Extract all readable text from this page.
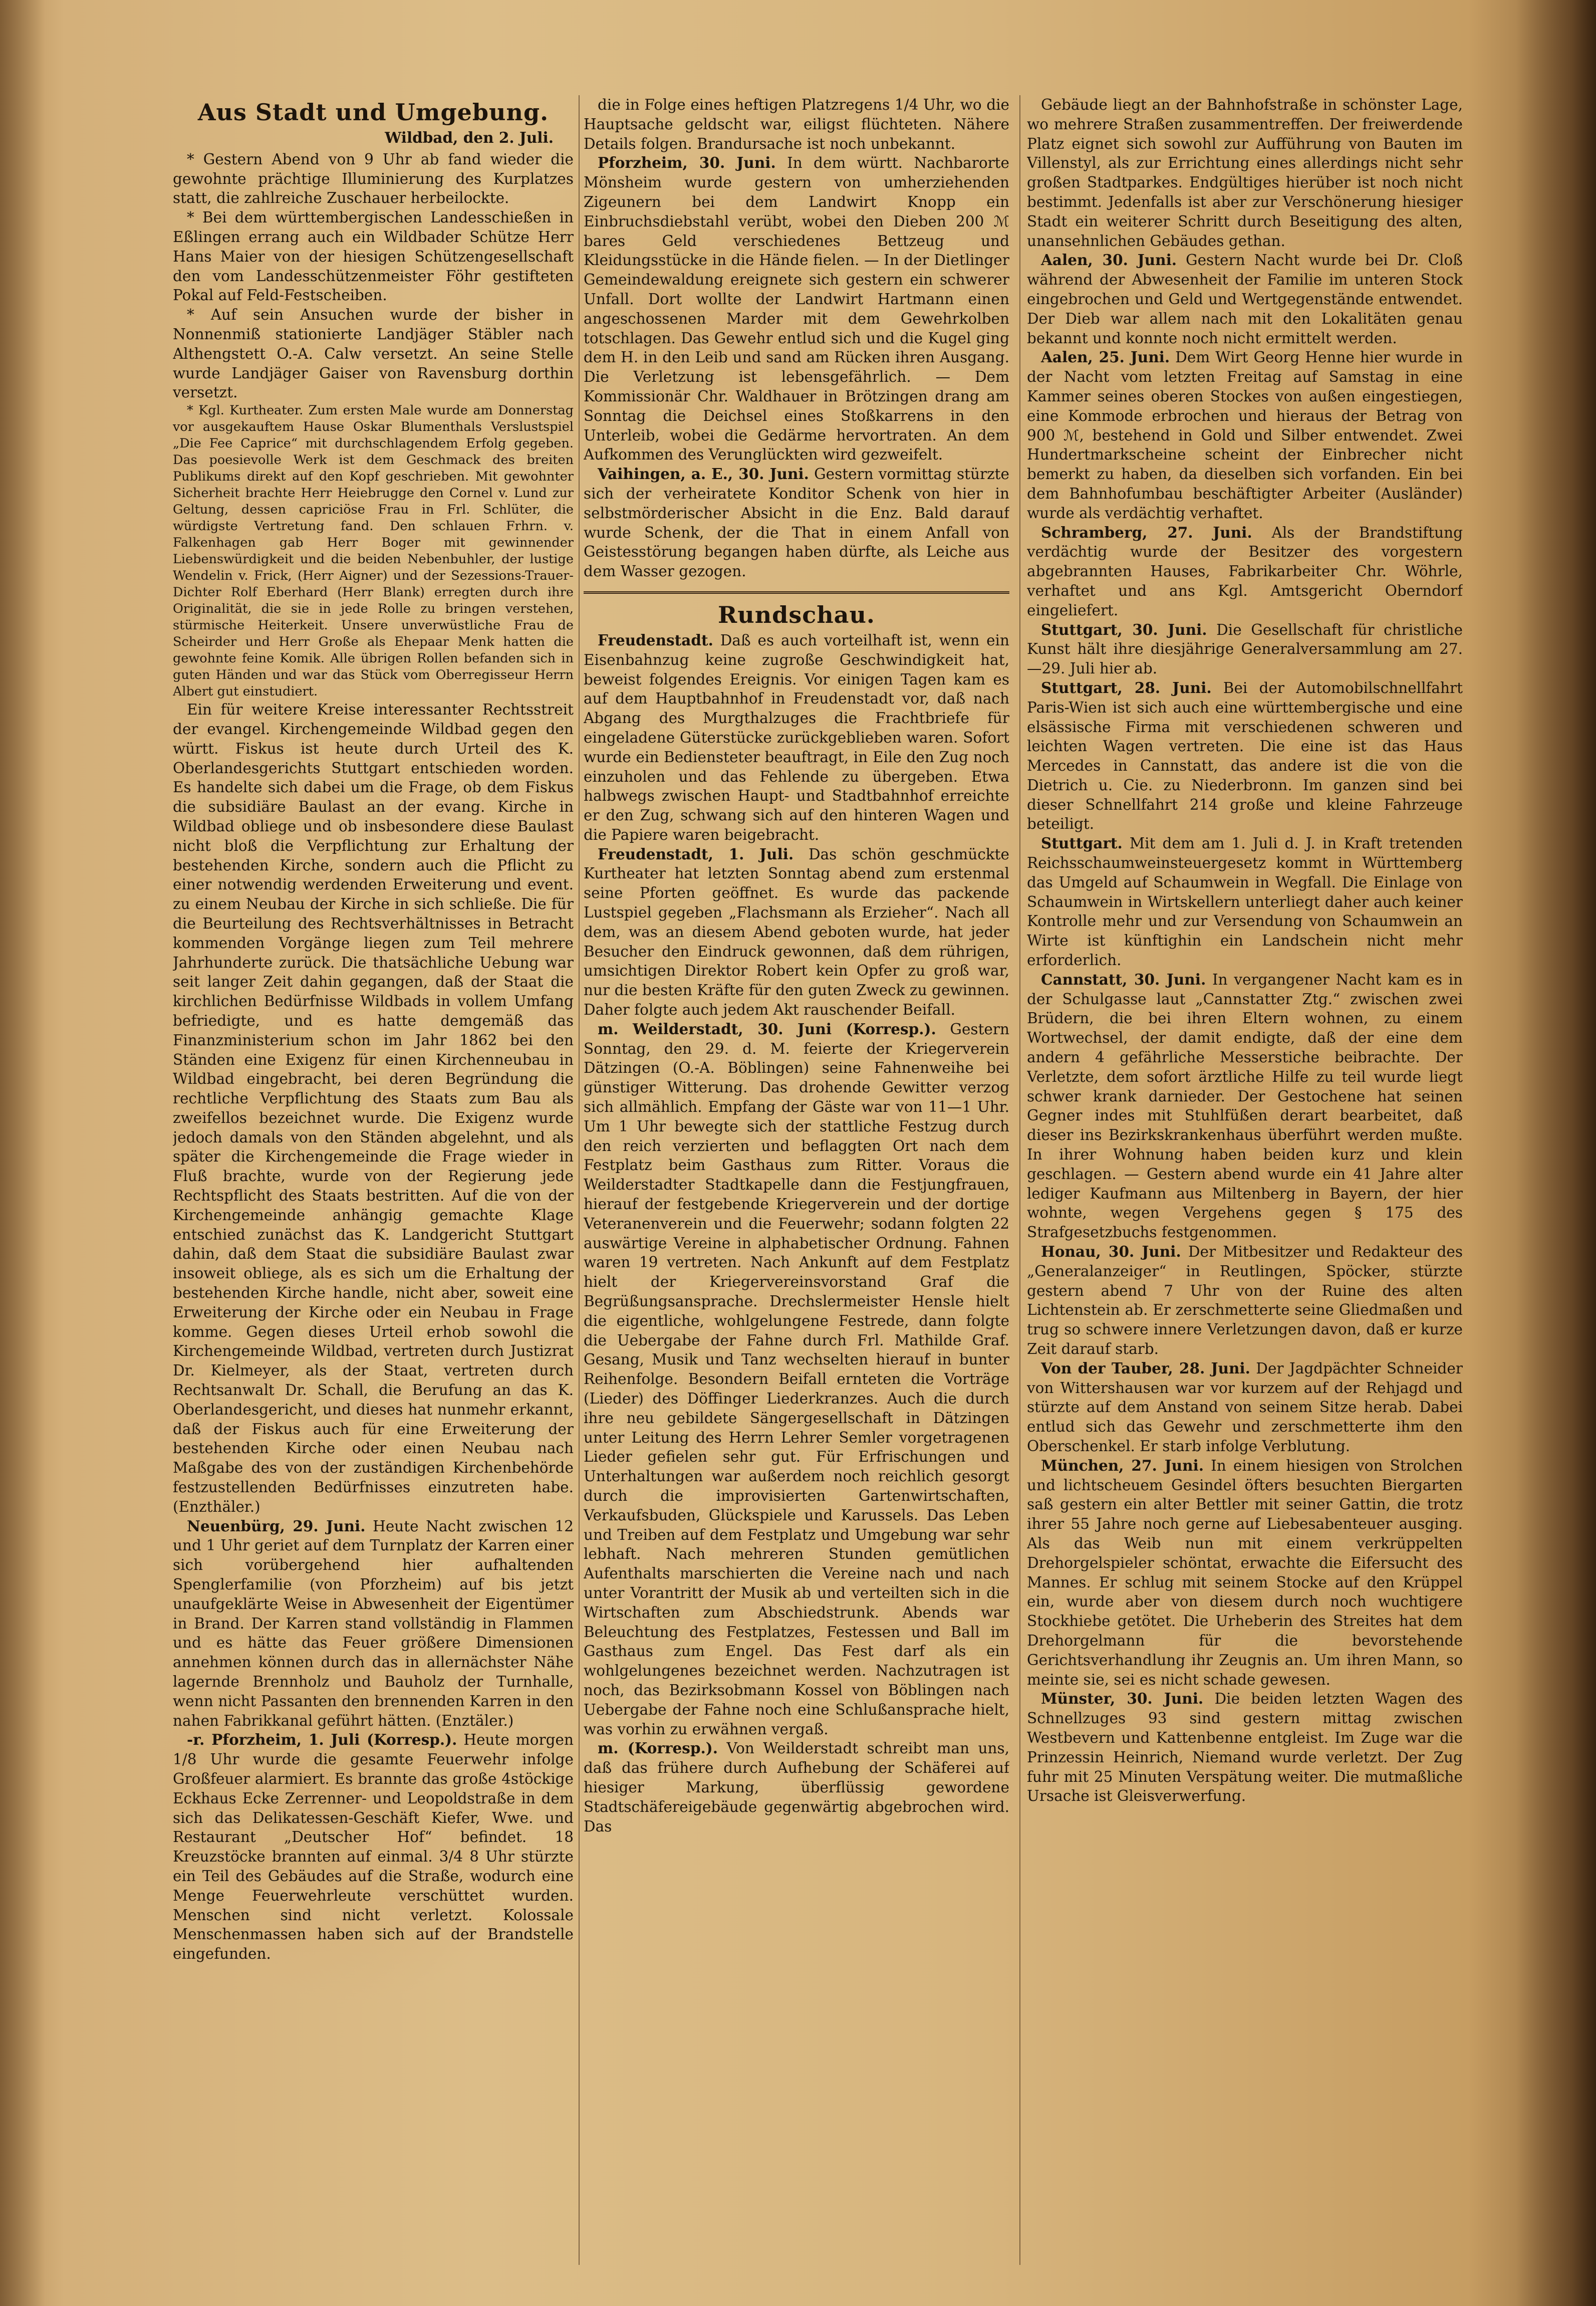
Aus Stadt und Umgebung.
Wildbad, den 2. Juli.

* Gestern Abend von 9 Uhr ab fand wieder die gewohnte prächtige Illuminierung des Kurplatzes statt, die zahlreiche Zuschauer herbeilockte.

* Bei dem württembergischen Landesschießen in Eßlingen errang auch ein Wildbader Schütze Herr Hans Maier von der hiesigen Schützengesellschaft den vom Landesschützenmeister Föhr gestifteten Pokal auf Feld-Festscheiben.

* Auf sein Ansuchen wurde der bisher in Nonnenmiß stationierte Landjäger Stäbler nach Althengstett O.-A. Calw versetzt. An seine Stelle wurde Landjäger Gaiser von Ravensburg dorthin versetzt.

* Kgl. Kurtheater. Zum ersten Male wurde am Donnerstag vor ausgekauftem Hause Oskar Blumenthals Verslustspiel „Die Fee Caprice“ mit durchschlagendem Erfolg gegeben. Das poesievolle Werk ist dem Geschmack des breiten Publikums direkt auf den Kopf geschrieben. Mit gewohnter Sicherheit brachte Herr Heiebrugge den Cornel v. Lund zur Geltung, dessen capriciöse Frau in Frl. Schlüter, die würdigste Vertretung fand. Den schlauen Frhrn. v. Falkenhagen gab Herr Boger mit gewinnender Liebenswürdigkeit und die beiden Nebenbuhler, der lustige Wendelin v. Frick, (Herr Aigner) und der Sezessions-Trauer-Dichter Rolf Eberhard (Herr Blank) erregten durch ihre Originalität, die sie in jede Rolle zu bringen verstehen, stürmische Heiterkeit. Unsere unverwüstliche Frau de Scheirder und Herr Große als Ehepaar Menk hatten die gewohnte feine Komik. Alle übrigen Rollen befanden sich in guten Händen und war das Stück vom Oberregisseur Herrn Albert gut einstudiert.

Ein für weitere Kreise interessanter Rechtsstreit der evangel. Kirchengemeinde Wildbad gegen den württ. Fiskus ist heute durch Urteil des K. Oberlandesgerichts Stuttgart entschieden worden. Es handelte sich dabei um die Frage, ob dem Fiskus die subsidiäre Baulast an der evang. Kirche in Wildbad obliege und ob insbesondere diese Baulast nicht bloß die Verpflichtung zur Erhaltung der bestehenden Kirche, sondern auch die Pflicht zu einer notwendig werdenden Erweiterung und event. zu einem Neubau der Kirche in sich schließe. Die für die Beurteilung des Rechtsverhältnisses in Betracht kommenden Vorgänge liegen zum Teil mehrere Jahrhunderte zurück. Die thatsächliche Uebung war seit langer Zeit dahin gegangen, daß der Staat die kirchlichen Bedürfnisse Wildbads in vollem Umfang befriedigte, und es hatte demgemäß das Finanzministerium schon im Jahr 1862 bei den Ständen eine Exigenz für einen Kirchenneubau in Wildbad eingebracht, bei deren Begründung die rechtliche Verpflichtung des Staats zum Bau als zweifellos bezeichnet wurde. Die Exigenz wurde jedoch damals von den Ständen abgelehnt, und als später die Kirchengemeinde die Frage wieder in Fluß brachte, wurde von der Regierung jede Rechtspflicht des Staats bestritten. Auf die von der Kirchengemeinde anhängig gemachte Klage entschied zunächst das K. Landgericht Stuttgart dahin, daß dem Staat die subsidiäre Baulast zwar insoweit obliege, als es sich um die Erhaltung der bestehenden Kirche handle, nicht aber, soweit eine Erweiterung der Kirche oder ein Neubau in Frage komme. Gegen dieses Urteil erhob sowohl die Kirchengemeinde Wildbad, vertreten durch Justizrat Dr. Kielmeyer, als der Staat, vertreten durch Rechtsanwalt Dr. Schall, die Berufung an das K. Oberlandesgericht, und dieses hat nunmehr erkannt, daß der Fiskus auch für eine Erweiterung der bestehenden Kirche oder einen Neubau nach Maßgabe des von der zuständigen Kirchenbehörde festzustellenden Bedürfnisses einzutreten habe. (Enzthäler.)

Neuenbürg, 29. Juni. Heute Nacht zwischen 12 und 1 Uhr geriet auf dem Turnplatz der Karren einer sich vorübergehend hier aufhaltenden Spenglerfamilie (von Pforzheim) auf bis jetzt unaufgeklärte Weise in Abwesenheit der Eigentümer in Brand. Der Karren stand vollständig in Flammen und es hätte das Feuer größere Dimensionen annehmen können durch das in allernächster Nähe lagernde Brennholz und Bauholz der Turnhalle, wenn nicht Passanten den brennenden Karren in den nahen Fabrikkanal geführt hätten. (Enztäler.)

-r. Pforzheim, 1. Juli (Korresp.). Heute morgen 1/8 Uhr wurde die gesamte Feuerwehr infolge Großfeuer alarmiert. Es brannte das große 4stöckige Eckhaus Ecke Zerrenner- und Leopoldstraße in dem sich das Delikatessen-Geschäft Kiefer, Wwe. und Restaurant „Deutscher Hof“ befindet. 18 Kreuzstöcke brannten auf einmal. 3/4 8 Uhr stürzte ein Teil des Gebäudes auf die Straße, wodurch eine Menge Feuerwehrleute verschüttet wurden. Menschen sind nicht verletzt. Kolossale Menschenmassen haben sich auf der Brandstelle eingefunden.

die in Folge eines heftigen Platzregens 1/4 Uhr, wo die Hauptsache geldscht war, eiligst flüchteten. Nähere Details folgen. Brandursache ist noch unbekannt.

Pforzheim, 30. Juni. In dem württ. Nachbarorte Mönsheim wurde gestern von umherziehenden Zigeunern bei dem Landwirt Knopp ein Einbruchsdiebstahl verübt, wobei den Dieben 200 ℳ bares Geld verschiedenes Bettzeug und Kleidungsstücke in die Hände fielen. — In der Dietlinger Gemeindewaldung ereignete sich gestern ein schwerer Unfall. Dort wollte der Landwirt Hartmann einen angeschossenen Marder mit dem Gewehrkolben totschlagen. Das Gewehr entlud sich und die Kugel ging dem H. in den Leib und sand am Rücken ihren Ausgang. Die Verletzung ist lebensgefährlich. — Dem Kommissionär Chr. Waldhauer in Brötzingen drang am Sonntag die Deichsel eines Stoßkarrens in den Unterleib, wobei die Gedärme hervortraten. An dem Aufkommen des Verunglückten wird gezweifelt.

Vaihingen, a. E., 30. Juni. Gestern vormittag stürzte sich der verheiratete Konditor Schenk von hier in selbstmörderischer Absicht in die Enz. Bald darauf wurde Schenk, der die That in einem Anfall von Geistesstörung begangen haben dürfte, als Leiche aus dem Wasser gezogen.

Rundschau.

Freudenstadt. Daß es auch vorteilhaft ist, wenn ein Eisenbahnzug keine zugroße Geschwindigkeit hat, beweist folgendes Ereignis. Vor einigen Tagen kam es auf dem Hauptbahnhof in Freudenstadt vor, daß nach Abgang des Murgthalzuges die Frachtbriefe für eingeladene Güterstücke zurückgeblieben waren. Sofort wurde ein Bediensteter beauftragt, in Eile den Zug noch einzuholen und das Fehlende zu übergeben. Etwa halbwegs zwischen Haupt- und Stadtbahnhof erreichte er den Zug, schwang sich auf den hinteren Wagen und die Papiere waren beigebracht.

Freudenstadt, 1. Juli. Das schön geschmückte Kurtheater hat letzten Sonntag abend zum erstenmal seine Pforten geöffnet. Es wurde das packende Lustspiel gegeben „Flachsmann als Erzieher“. Nach all dem, was an diesem Abend geboten wurde, hat jeder Besucher den Eindruck gewonnen, daß dem rührigen, umsichtigen Direktor Robert kein Opfer zu groß war, nur die besten Kräfte für den guten Zweck zu gewinnen. Daher folgte auch jedem Akt rauschender Beifall.

m. Weilderstadt, 30. Juni (Korresp.). Gestern Sonntag, den 29. d. M. feierte der Kriegerverein Dätzingen (O.-A. Böblingen) seine Fahnenweihe bei günstiger Witterung. Das drohende Gewitter verzog sich allmählich. Empfang der Gäste war von 11—1 Uhr. Um 1 Uhr bewegte sich der stattliche Festzug durch den reich verzierten und beflaggten Ort nach dem Festplatz beim Gasthaus zum Ritter. Voraus die Weilderstadter Stadtkapelle dann die Festjungfrauen, hierauf der festgebende Kriegerverein und der dortige Veteranenverein und die Feuerwehr; sodann folgten 22 auswärtige Vereine in alphabetischer Ordnung. Fahnen waren 19 vertreten. Nach Ankunft auf dem Festplatz hielt der Kriegervereinsvorstand Graf die Begrüßungsansprache. Drechslermeister Hensle hielt die eigentliche, wohlgelungene Festrede, dann folgte die Uebergabe der Fahne durch Frl. Mathilde Graf. Gesang, Musik und Tanz wechselten hierauf in bunter Reihenfolge. Besondern Beifall ernteten die Vorträge (Lieder) des Döffinger Liederkranzes. Auch die durch ihre neu gebildete Sängergesellschaft in Dätzingen unter Leitung des Herrn Lehrer Semler vorgetragenen Lieder gefielen sehr gut. Für Erfrischungen und Unterhaltungen war außerdem noch reichlich gesorgt durch die improvisierten Gartenwirtschaften, Verkaufsbuden, Glückspiele und Karussels. Das Leben und Treiben auf dem Festplatz und Umgebung war sehr lebhaft. Nach mehreren Stunden gemütlichen Aufenthalts marschierten die Vereine nach und nach unter Vorantritt der Musik ab und verteilten sich in die Wirtschaften zum Abschiedstrunk. Abends war Beleuchtung des Festplatzes, Festessen und Ball im Gasthaus zum Engel. Das Fest darf als ein wohlgelungenes bezeichnet werden. Nachzutragen ist noch, das Bezirksobmann Kossel von Böblingen nach Uebergabe der Fahne noch eine Schlußansprache hielt, was vorhin zu erwähnen vergaß.

m. (Korresp.). Von Weilderstadt schreibt man uns, daß das frühere durch Aufhebung der Schäferei auf hiesiger Markung, überflüssig gewordene Stadtschäfereigebäude gegenwärtig abgebrochen wird. Das

Gebäude liegt an der Bahnhofstraße in schönster Lage, wo mehrere Straßen zusammentreffen. Der freiwerdende Platz eignet sich sowohl zur Aufführung von Bauten im Villenstyl, als zur Errichtung eines allerdings nicht sehr großen Stadtparkes. Endgültiges hierüber ist noch nicht bestimmt. Jedenfalls ist aber zur Verschönerung hiesiger Stadt ein weiterer Schritt durch Beseitigung des alten, unansehnlichen Gebäudes gethan.

Aalen, 30. Juni. Gestern Nacht wurde bei Dr. Cloß während der Abwesenheit der Familie im unteren Stock eingebrochen und Geld und Wertgegenstände entwendet. Der Dieb war allem nach mit den Lokalitäten genau bekannt und konnte noch nicht ermittelt werden.

Aalen, 25. Juni. Dem Wirt Georg Henne hier wurde in der Nacht vom letzten Freitag auf Samstag in eine Kammer seines oberen Stockes von außen eingestiegen, eine Kommode erbrochen und hieraus der Betrag von 900 ℳ, bestehend in Gold und Silber entwendet. Zwei Hundertmarkscheine scheint der Einbrecher nicht bemerkt zu haben, da dieselben sich vorfanden. Ein bei dem Bahnhofumbau beschäftigter Arbeiter (Ausländer) wurde als verdächtig verhaftet.

Schramberg, 27. Juni. Als der Brandstiftung verdächtig wurde der Besitzer des vorgestern abgebrannten Hauses, Fabrikarbeiter Chr. Wöhrle, verhaftet und ans Kgl. Amtsgericht Oberndorf eingeliefert.

Stuttgart, 30. Juni. Die Gesellschaft für christliche Kunst hält ihre diesjährige Generalversammlung am 27.—29. Juli hier ab.

Stuttgart, 28. Juni. Bei der Automobilschnellfahrt Paris-Wien ist sich auch eine württembergische und eine elsässische Firma mit verschiedenen schweren und leichten Wagen vertreten. Die eine ist das Haus Mercedes in Cannstatt, das andere ist die von die Dietrich u. Cie. zu Niederbronn. Im ganzen sind bei dieser Schnellfahrt 214 große und kleine Fahrzeuge beteiligt.

Stuttgart. Mit dem am 1. Juli d. J. in Kraft tretenden Reichsschaumweinsteuergesetz kommt in Württemberg das Umgeld auf Schaumwein in Wegfall. Die Einlage von Schaumwein in Wirtskellern unterliegt daher auch keiner Kontrolle mehr und zur Versendung von Schaumwein an Wirte ist künftighin ein Landschein nicht mehr erforderlich.

Cannstatt, 30. Juni. In vergangener Nacht kam es in der Schulgasse laut „Cannstatter Ztg.“ zwischen zwei Brüdern, die bei ihren Eltern wohnen, zu einem Wortwechsel, der damit endigte, daß der eine dem andern 4 gefährliche Messerstiche beibrachte. Der Verletzte, dem sofort ärztliche Hilfe zu teil wurde liegt schwer krank darnieder. Der Gestochene hat seinen Gegner indes mit Stuhlfüßen derart bearbeitet, daß dieser ins Bezirkskrankenhaus überführt werden mußte. In ihrer Wohnung haben beiden kurz und klein geschlagen. — Gestern abend wurde ein 41 Jahre alter lediger Kaufmann aus Miltenberg in Bayern, der hier wohnte, wegen Vergehens gegen § 175 des Strafgesetzbuchs festgenommen.

Honau, 30. Juni. Der Mitbesitzer und Redakteur des „Generalanzeiger“ in Reutlingen, Spöcker, stürzte gestern abend 7 Uhr von der Ruine des alten Lichtenstein ab. Er zerschmetterte seine Gliedmaßen und trug so schwere innere Verletzungen davon, daß er kurze Zeit darauf starb.

Von der Tauber, 28. Juni. Der Jagdpächter Schneider von Wittershausen war vor kurzem auf der Rehjagd und stürzte auf dem Anstand von seinem Sitze herab. Dabei entlud sich das Gewehr und zerschmetterte ihm den Oberschenkel. Er starb infolge Verblutung.

München, 27. Juni. In einem hiesigen von Strolchen und lichtscheuem Gesindel öfters besuchten Biergarten saß gestern ein alter Bettler mit seiner Gattin, die trotz ihrer 55 Jahre noch gerne auf Liebesabenteuer ausging. Als das Weib nun mit einem verkrüppelten Drehorgelspieler schöntat, erwachte die Eifersucht des Mannes. Er schlug mit seinem Stocke auf den Krüppel ein, wurde aber von diesem durch noch wuchtigere Stockhiebe getötet. Die Urheberin des Streites hat dem Drehorgelmann für die bevorstehende Gerichtsverhandlung ihr Zeugnis an. Um ihren Mann, so meinte sie, sei es nicht schade gewesen.

Münster, 30. Juni. Die beiden letzten Wagen des Schnellzuges 93 sind gestern mittag zwischen Westbevern und Kattenbenne entgleist. Im Zuge war die Prinzessin Heinrich, Niemand wurde verletzt. Der Zug fuhr mit 25 Minuten Verspätung weiter. Die mutmaßliche Ursache ist Gleisverwerfung.
